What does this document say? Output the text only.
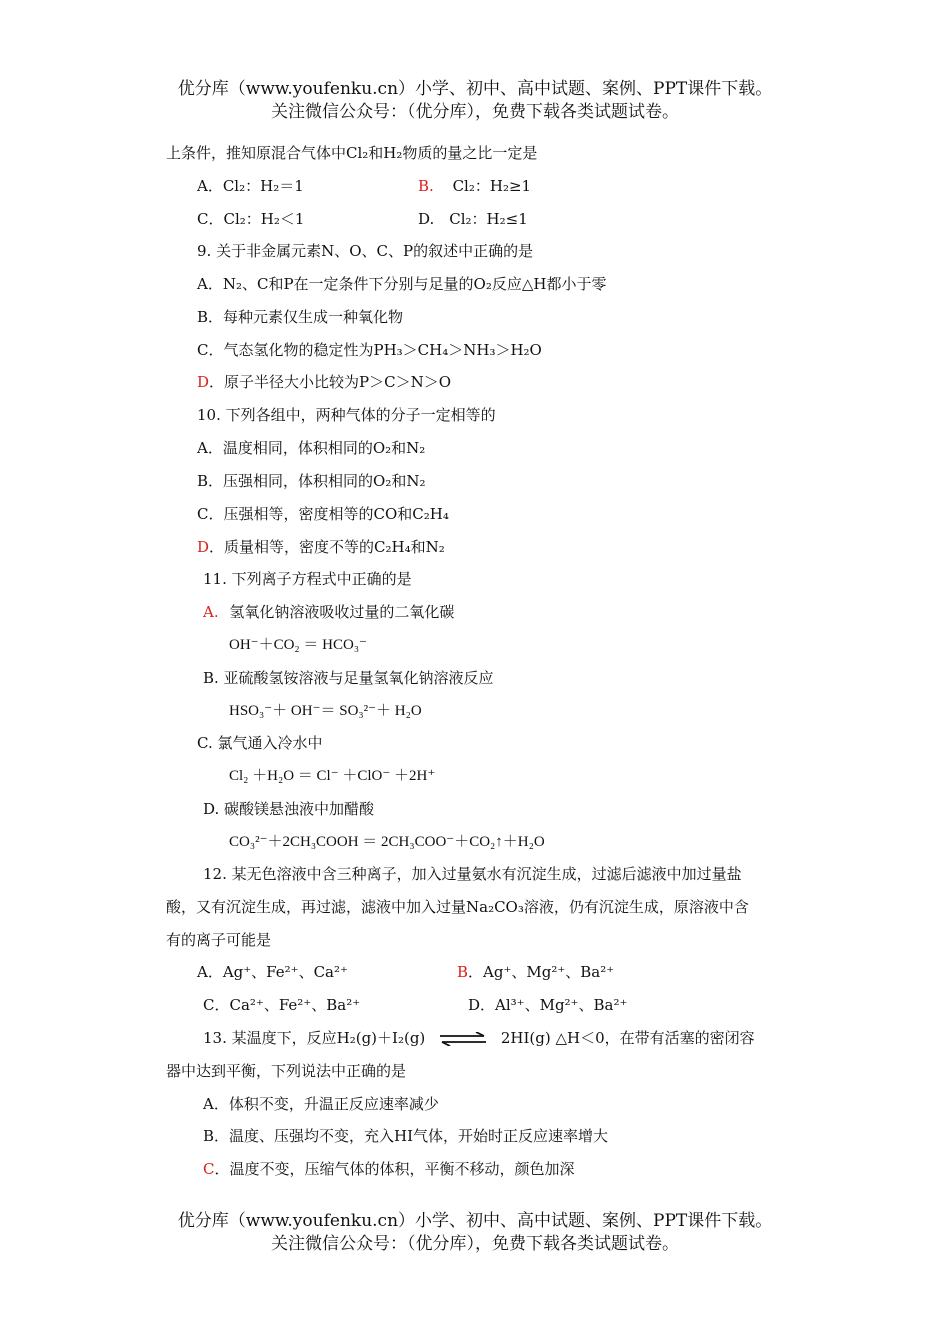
优分库（www.youfenku.cn）小学、初中、高中试题、案例、PPT课件下载。
关注微信公众号：（优分库），免费下载各类试题试卷。
上条件，推知原混合气体中Cl₂和H₂物质的量之比一定是
A．Cl₂：H₂＝1	B. Cl₂：H₂≥1
C．Cl₂：H₂＜1	D.　Cl₂：H₂≤1
9. 关于非金属元素N、O、C、P的叙述中正确的是
A．N₂、C和P在一定条件下分别与足量的O₂反应△H都小于零
B．每种元素仅生成一种氧化物
C．气态氢化物的稳定性为PH₃＞CH₄＞NH₃＞H₂O
D．原子半径大小比较为P＞C＞N＞O
10. 下列各组中，两种气体的分子一定相等的
A．温度相同，体积相同的O₂和N₂
B．压强相同，体积相同的O₂和N₂
C．压强相等，密度相等的CO和C₂H₄
D．质量相等，密度不等的C₂H₄和N₂
11. 下列离子方程式中正确的是
A. 氢氧化钠溶液吸收过量的二氧化碳
OH⁻＋CO₂ ＝ HCO₃⁻
B. 亚硫酸氢铵溶液与足量氢氧化钠溶液反应
HSO₃⁻＋ OH⁻＝ SO₃²⁻＋ H₂O
C. 氯气通入冷水中
Cl₂ ＋H₂O ＝ Cl⁻ ＋ClO⁻ ＋2H⁺
D. 碳酸镁悬浊液中加醋酸
CO₃²⁻＋2CH₃COOH ＝ 2CH₃COO⁻＋CO₂↑＋H₂O
12. 某无色溶液中含三种离子，加入过量氨水有沉淀生成，过滤后滤液中加过量盐
酸，又有沉淀生成，再过滤，滤液中加入过量Na₂CO₃溶液，仍有沉淀生成，原溶液中含
有的离子可能是
A．Ag⁺、Fe²⁺、Ca²⁺	B．Ag⁺、Mg²⁺、Ba²⁺
C．Ca²⁺、Fe²⁺、Ba²⁺	D．Al³⁺、Mg²⁺、Ba²⁺
13. 某温度下，反应H₂(g)＋I₂(g) ⇌ 2HI(g) △H＜0，在带有活塞的密闭容
器中达到平衡，下列说法中正确的是
A．体积不变，升温正反应速率减少
B．温度、压强均不变，充入HI气体，开始时正反应速率增大
C．温度不变，压缩气体的体积，平衡不移动，颜色加深
优分库（www.youfenku.cn）小学、初中、高中试题、案例、PPT课件下载。
关注微信公众号：（优分库），免费下载各类试题试卷。
